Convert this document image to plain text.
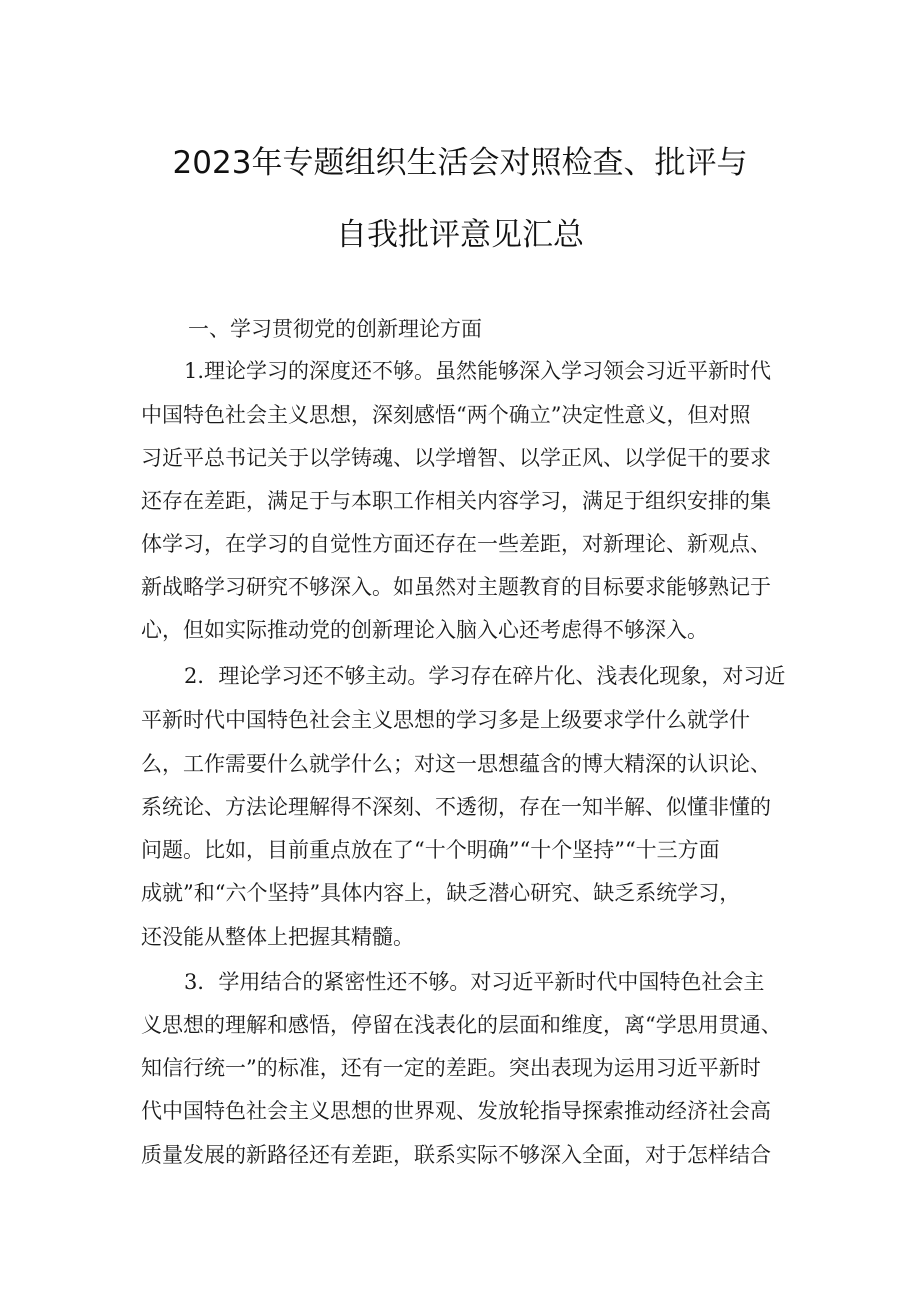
2023年专题组织生活会对照检查、批评与
自我批评意见汇总
一、学习贯彻党的创新理论方面
1.理论学习的深度还不够。虽然能够深入学习领会习近平新时代
中国特色社会主义思想，深刻感悟“两个确立”决定性意义，但对照
习近平总书记关于以学铸魂、以学增智、以学正风、以学促干的要求
还存在差距，满足于与本职工作相关内容学习，满足于组织安排的集
体学习，在学习的自觉性方面还存在一些差距，对新理论、新观点、
新战略学习研究不够深入。如虽然对主题教育的目标要求能够熟记于
心，但如实际推动党的创新理论入脑入心还考虑得不够深入。
2．理论学习还不够主动。学习存在碎片化、浅表化现象，对习近
平新时代中国特色社会主义思想的学习多是上级要求学什么就学什
么，工作需要什么就学什么；对这一思想蕴含的博大精深的认识论、
系统论、方法论理解得不深刻、不透彻，存在一知半解、似懂非懂的
问题。比如，目前重点放在了“十个明确”“十个坚持”“十三方面
成就”和“六个坚持”具体内容上，缺乏潜心研究、缺乏系统学习，
还没能从整体上把握其精髓。
3．学用结合的紧密性还不够。对习近平新时代中国特色社会主
义思想的理解和感悟，停留在浅表化的层面和维度，离“学思用贯通、
知信行统一”的标准，还有一定的差距。突出表现为运用习近平新时
代中国特色社会主义思想的世界观、发放轮指导探索推动经济社会高
质量发展的新路径还有差距，联系实际不够深入全面，对于怎样结合
